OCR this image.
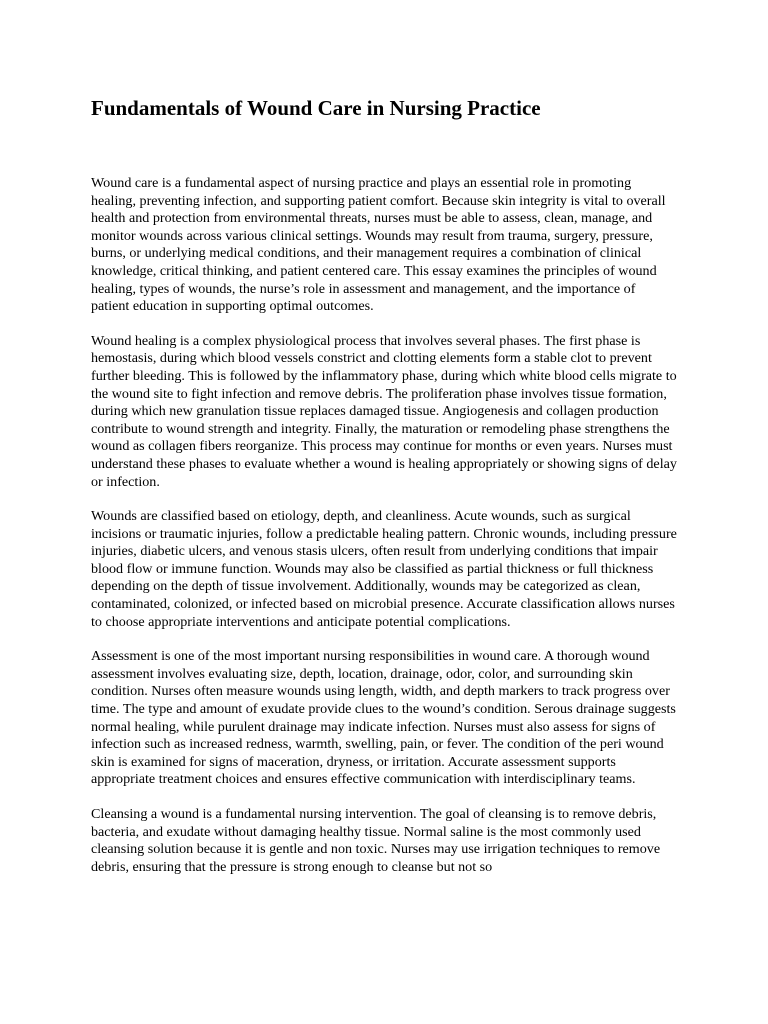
Fundamentals of Wound Care in Nursing Practice

Wound care is a fundamental aspect of nursing practice and plays an essential role in promoting healing, preventing infection, and supporting patient comfort. Because skin integrity is vital to overall health and protection from environmental threats, nurses must be able to assess, clean, manage, and monitor wounds across various clinical settings. Wounds may result from trauma, surgery, pressure, burns, or underlying medical conditions, and their management requires a combination of clinical knowledge, critical thinking, and patient centered care. This essay examines the principles of wound healing, types of wounds, the nurse’s role in assessment and management, and the importance of patient education in supporting optimal outcomes.

Wound healing is a complex physiological process that involves several phases. The first phase is hemostasis, during which blood vessels constrict and clotting elements form a stable clot to prevent further bleeding. This is followed by the inflammatory phase, during which white blood cells migrate to the wound site to fight infection and remove debris. The proliferation phase involves tissue formation, during which new granulation tissue replaces damaged tissue. Angiogenesis and collagen production contribute to wound strength and integrity. Finally, the maturation or remodeling phase strengthens the wound as collagen fibers reorganize. This process may continue for months or even years. Nurses must understand these phases to evaluate whether a wound is healing appropriately or showing signs of delay or infection.

Wounds are classified based on etiology, depth, and cleanliness. Acute wounds, such as surgical incisions or traumatic injuries, follow a predictable healing pattern. Chronic wounds, including pressure injuries, diabetic ulcers, and venous stasis ulcers, often result from underlying conditions that impair blood flow or immune function. Wounds may also be classified as partial thickness or full thickness depending on the depth of tissue involvement. Additionally, wounds may be categorized as clean, contaminated, colonized, or infected based on microbial presence. Accurate classification allows nurses to choose appropriate interventions and anticipate potential complications.

Assessment is one of the most important nursing responsibilities in wound care. A thorough wound assessment involves evaluating size, depth, location, drainage, odor, color, and surrounding skin condition. Nurses often measure wounds using length, width, and depth markers to track progress over time. The type and amount of exudate provide clues to the wound’s condition. Serous drainage suggests normal healing, while purulent drainage may indicate infection. Nurses must also assess for signs of infection such as increased redness, warmth, swelling, pain, or fever. The condition of the peri wound skin is examined for signs of maceration, dryness, or irritation. Accurate assessment supports appropriate treatment choices and ensures effective communication with interdisciplinary teams.

Cleansing a wound is a fundamental nursing intervention. The goal of cleansing is to remove debris, bacteria, and exudate without damaging healthy tissue. Normal saline is the most commonly used cleansing solution because it is gentle and non toxic. Nurses may use irrigation techniques to remove debris, ensuring that the pressure is strong enough to cleanse but not so
